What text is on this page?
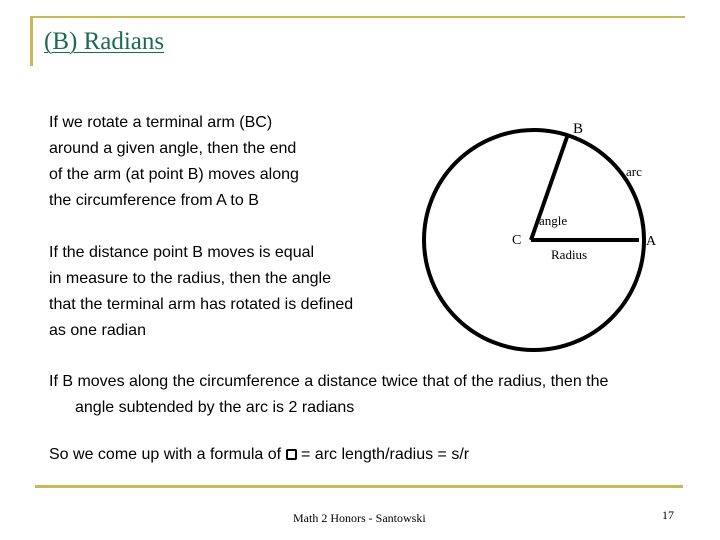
(B) Radians

If we rotate a terminal arm (BC)
around a given angle, then the end
of the arm (at point B) moves along
the circumference from A to B

If the distance point B moves is equal
in measure to the radius, then the angle
that the terminal arm has rotated is defined
as one radian

If B moves along the circumference a distance twice that of the radius, then the
angle subtended by the arc is 2 radians

So we come up with a formula of  = arc length/radius = s/r

B
arc
angle
C	A
Radius
Math 2 Honors - Santowski	17
